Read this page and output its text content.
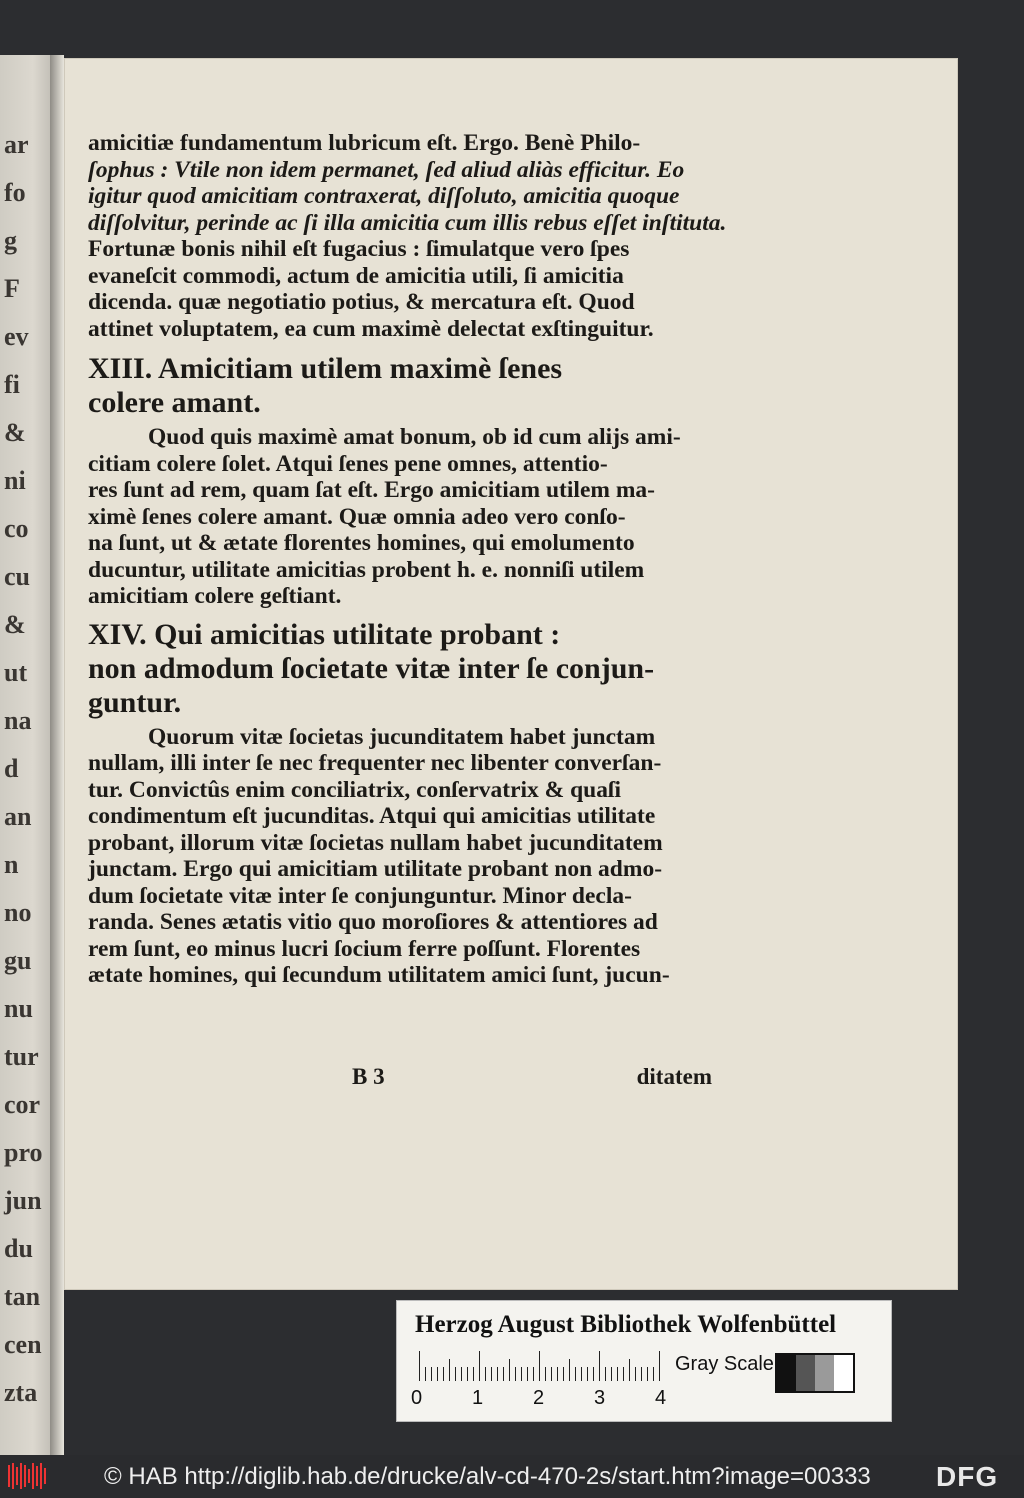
ar
fo
g
F
ev
fi
&
ni
co
cu
&
ut
na
d
an
n
no
gu
nu
tur
cor
pro
jun
du
tan
cen
zta
amicitiæ fundamentum lubricum eſt. Ergo. Benè Philo-
ſophus : Vtile non idem permanet, ſed aliud aliàs efficitur. Eo
igitur quod amicitiam contraxerat, diſſoluto, amicitia quoque
diſſolvitur, perinde ac ſi illa amicitia cum illis rebus eſſet inſtituta.
Fortunæ bonis nihil eſt fugacius : ſimulatque vero ſpes
evaneſcit commodi, actum de amicitia utili, ſi amicitia
dicenda. quæ negotiatio potius, & mercatura eſt. Quod
attinet voluptatem, ea cum maximè delectat exſtinguitur.
XIII. Amicitiam utilem maximè ſenes
colere amant.
Quod quis maximè amat bonum, ob id cum alijs ami-
citiam colere ſolet. Atqui ſenes pene omnes, attentio-
res ſunt ad rem, quam ſat eſt. Ergo amicitiam utilem ma-
ximè ſenes colere amant. Quæ omnia adeo vero conſo-
na ſunt, ut & ætate florentes homines, qui emolumento
ducuntur, utilitate amicitias probent h. e. nonniſi utilem
amicitiam colere geſtiant.
XIV. Qui amicitias utilitate probant :
non admodum ſocietate vitæ inter ſe conjun-
guntur.
Quorum vitæ ſocietas jucunditatem habet junctam
nullam, illi inter ſe nec frequenter nec libenter converſan-
tur. Convictûs enim conciliatrix, conſervatrix & quaſi
condimentum eſt jucunditas. Atqui qui amicitias utilitate
probant, illorum vitæ ſocietas nullam habet jucunditatem
junctam. Ergo qui amicitiam utilitate probant non admo-
dum ſocietate vitæ inter ſe conjunguntur. Minor decla-
randa. Senes ætatis vitio quo moroſiores & attentiores ad
rem ſunt, eo minus lucri ſocium ferre poſſunt. Florentes
ætate homines, qui ſecundum utilitatem amici ſunt, jucun-
B 3	ditatem
Herzog August Bibliothek Wolfenbüttel
0 1 2 3 4
Gray Scale
© HAB http://diglib.hab.de/drucke/alv-cd-470-2s/start.htm?image=00333 DFG
